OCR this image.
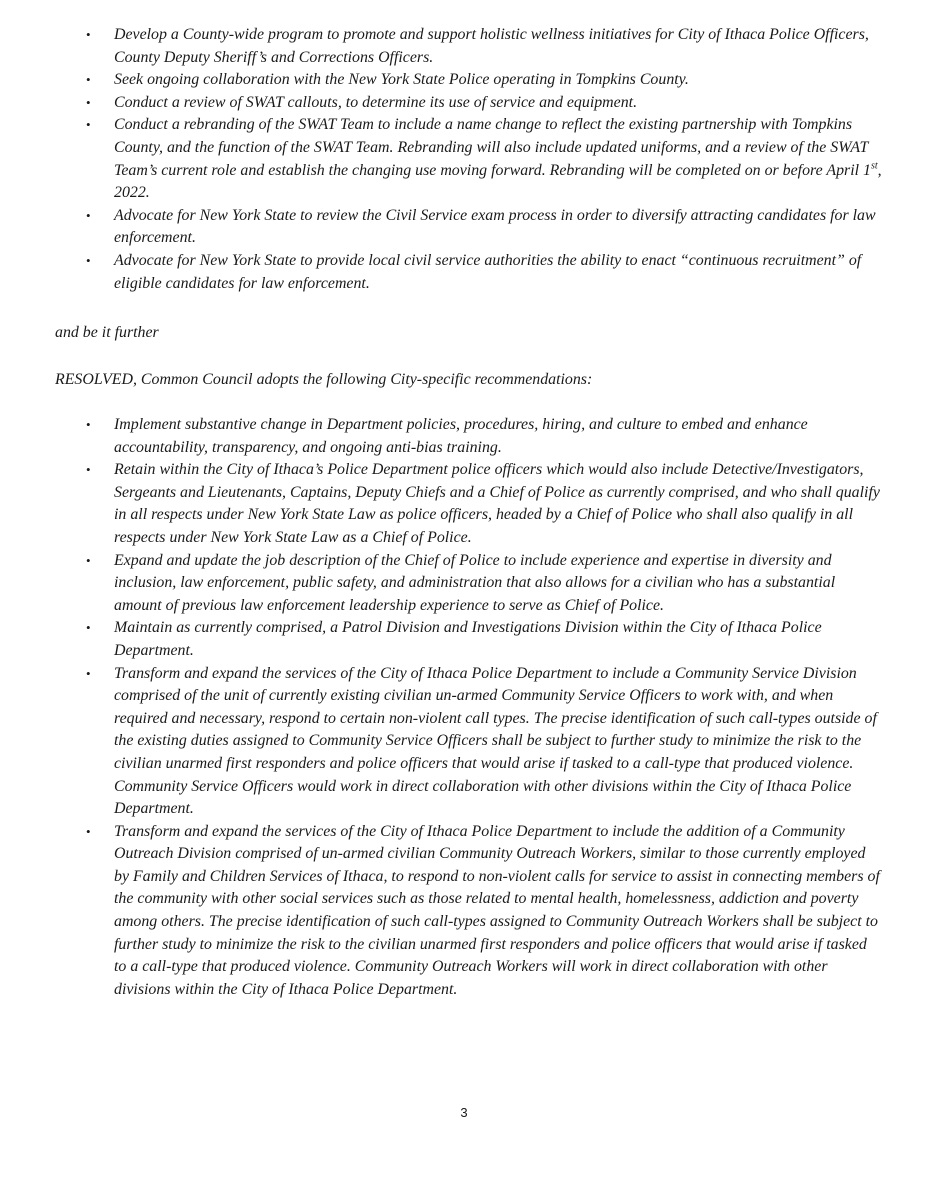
• Develop a County-wide program to promote and support holistic wellness initiatives for City of Ithaca Police Officers, County Deputy Sheriff’s and Corrections Officers.
• Seek ongoing collaboration with the New York State Police operating in Tompkins County.
• Conduct a review of SWAT callouts, to determine its use of service and equipment.
• Conduct a rebranding of the SWAT Team to include a name change to reflect the existing partnership with Tompkins County, and the function of the SWAT Team. Rebranding will also include updated uniforms, and a review of the SWAT Team’s current role and establish the changing use moving forward. Rebranding will be completed on or before April 1st, 2022.
• Advocate for New York State to review the Civil Service exam process in order to diversify attracting candidates for law enforcement.
• Advocate for New York State to provide local civil service authorities the ability to enact “continuous recruitment” of eligible candidates for law enforcement.
and be it further
RESOLVED, Common Council adopts the following City-specific recommendations:
• Implement substantive change in Department policies, procedures, hiring, and culture to embed and enhance accountability, transparency, and ongoing anti-bias training.
• Retain within the City of Ithaca’s Police Department police officers which would also include Detective/Investigators, Sergeants and Lieutenants, Captains, Deputy Chiefs and a Chief of Police as currently comprised, and who shall qualify in all respects under New York State Law as police officers, headed by a Chief of Police who shall also qualify in all respects under New York State Law as a Chief of Police.
• Expand and update the job description of the Chief of Police to include experience and expertise in diversity and inclusion, law enforcement, public safety, and administration that also allows for a civilian who has a substantial amount of previous law enforcement leadership experience to serve as Chief of Police.
• Maintain as currently comprised, a Patrol Division and Investigations Division within the City of Ithaca Police Department.
• Transform and expand the services of the City of Ithaca Police Department to include a Community Service Division comprised of the unit of currently existing civilian un-armed Community Service Officers to work with, and when required and necessary, respond to certain non-violent call types. The precise identification of such call-types outside of the existing duties assigned to Community Service Officers shall be subject to further study to minimize the risk to the civilian unarmed first responders and police officers that would arise if tasked to a call-type that produced violence. Community Service Officers would work in direct collaboration with other divisions within the City of Ithaca Police Department.
• Transform and expand the services of the City of Ithaca Police Department to include the addition of a Community Outreach Division comprised of un-armed civilian Community Outreach Workers, similar to those currently employed by Family and Children Services of Ithaca, to respond to non-violent calls for service to assist in connecting members of the community with other social services such as those related to mental health, homelessness, addiction and poverty among others. The precise identification of such call-types assigned to Community Outreach Workers shall be subject to further study to minimize the risk to the civilian unarmed first responders and police officers that would arise if tasked to a call-type that produced violence. Community Outreach Workers will work in direct collaboration with other divisions within the City of Ithaca Police Department.
3
